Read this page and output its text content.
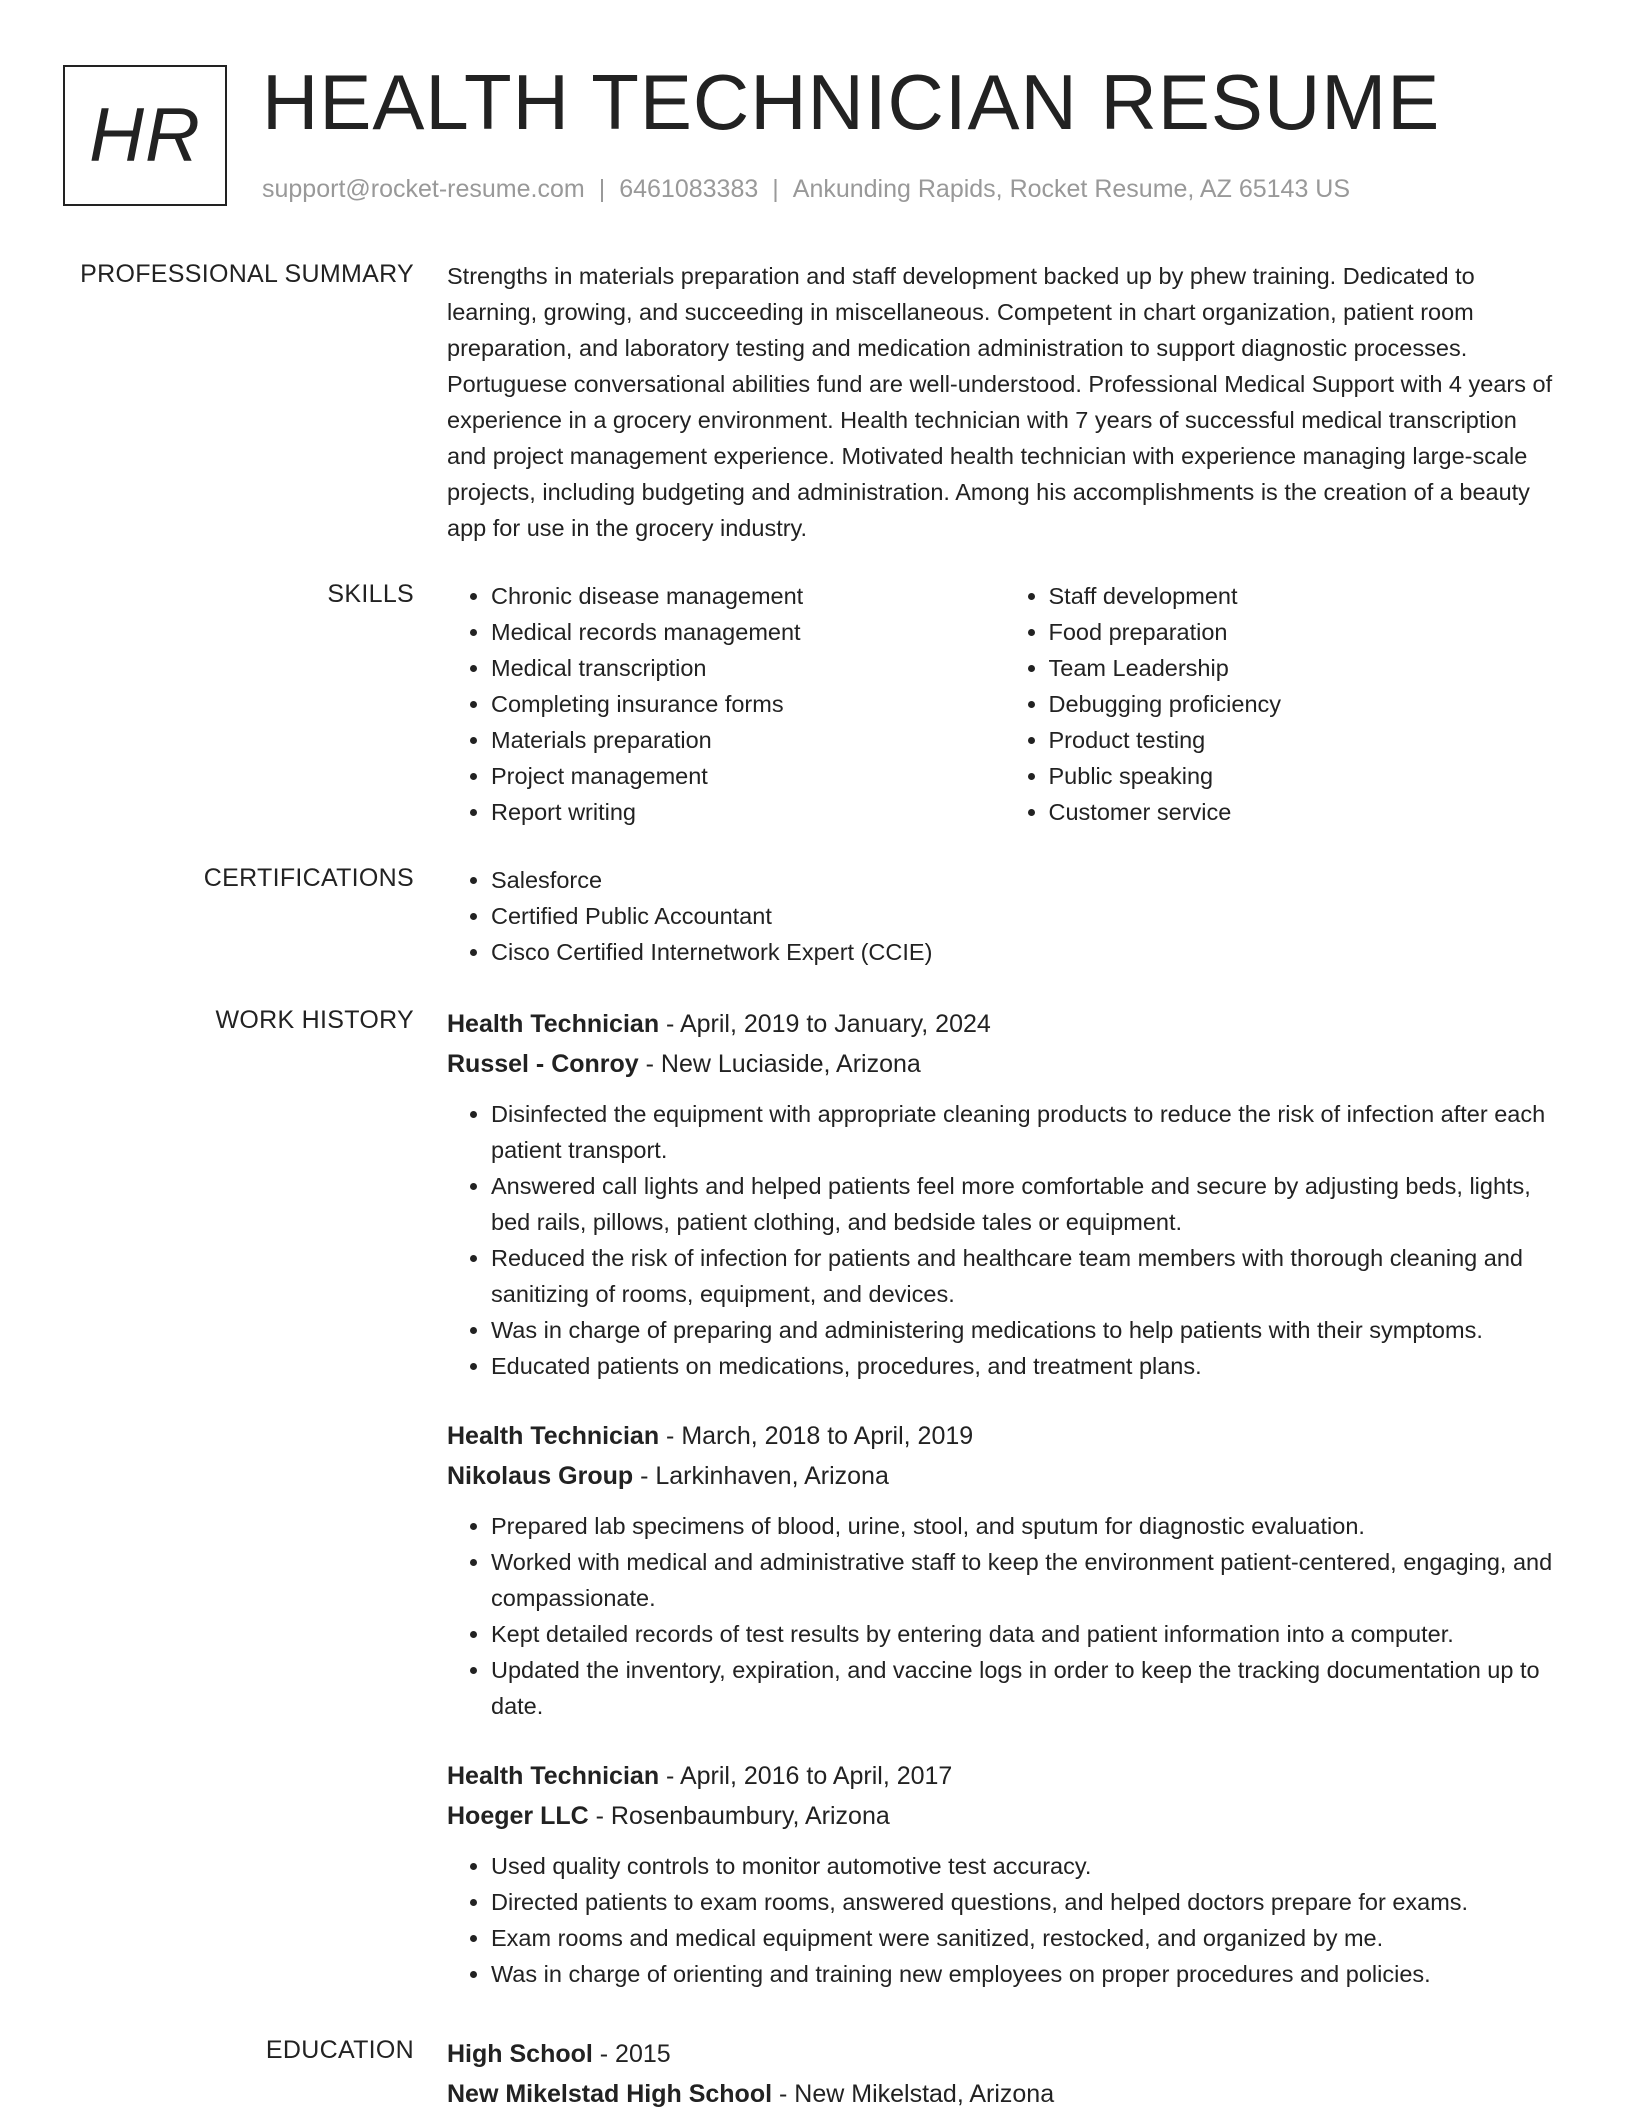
HR HEALTH TECHNICIAN RESUME
support@rocket-resume.com | 6461083383 | Ankunding Rapids, Rocket Resume, AZ 65143 US
PROFESSIONAL SUMMARY Strengths in materials preparation and staff development backed up by phew training. Dedicated to learning, growing, and succeeding in miscellaneous. Competent in chart organization, patient room preparation, and laboratory testing and medication administration to support diagnostic processes. Portuguese conversational abilities fund are well-understood. Professional Medical Support with 4 years of experience in a grocery environment. Health technician with 7 years of successful medical transcription and project management experience. Motivated health technician with experience managing large-scale projects, including budgeting and administration. Among his accomplishments is the creation of a beauty app for use in the grocery industry.

SKILLS	• Chronic disease management
• Medical records management
• Medical transcription
• Completing insurance forms
• Materials preparation
• Project management
• Report writing
• Staff development
• Food preparation
• Team Leadership
• Debugging proficiency
• Product testing
• Public speaking
• Customer service
CERTIFICATIONS	• Salesforce
• Certified Public Accountant
• Cisco Certified Internetwork Expert (CCIE)
WORK HISTORY Health Technician - April, 2019 to January, 2024
Russel - Conroy - New Luciaside, Arizona
• Disinfected the equipment with appropriate cleaning products to reduce the risk of infection after each patient transport.
• Answered call lights and helped patients feel more comfortable and secure by adjusting beds, lights, bed rails, pillows, patient clothing, and bedside tales or equipment.
• Reduced the risk of infection for patients and healthcare team members with thorough cleaning and sanitizing of rooms, equipment, and devices.
• Was in charge of preparing and administering medications to help patients with their symptoms.
• Educated patients on medications, procedures, and treatment plans.
Health Technician - March, 2018 to April, 2019
Nikolaus Group - Larkinhaven, Arizona
• Prepared lab specimens of blood, urine, stool, and sputum for diagnostic evaluation.
• Worked with medical and administrative staff to keep the environment patient-centered, engaging, and compassionate.
• Kept detailed records of test results by entering data and patient information into a computer.
• Updated the inventory, expiration, and vaccine logs in order to keep the tracking documentation up to date.
Health Technician - April, 2016 to April, 2017
Hoeger LLC - Rosenbaumbury, Arizona
• Used quality controls to monitor automotive test accuracy.
• Directed patients to exam rooms, answered questions, and helped doctors prepare for exams.
• Exam rooms and medical equipment were sanitized, restocked, and organized by me.
• Was in charge of orienting and training new employees on proper procedures and policies.
EDUCATION High School - 2015
New Mikelstad High School - New Mikelstad, Arizona
